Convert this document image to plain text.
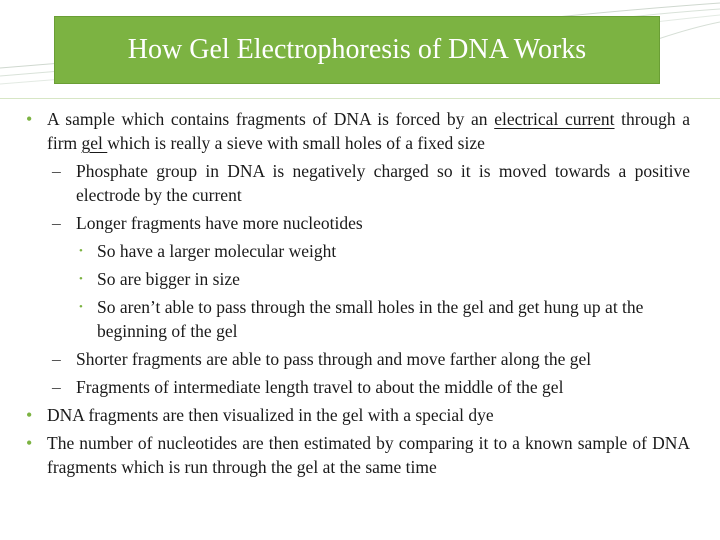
How Gel Electrophoresis of DNA Works
• A sample which contains fragments of DNA is forced by an electrical current through a firm gel which is really a sieve with small holes of a fixed size
– Phosphate group in DNA is negatively charged so it is moved towards a positive electrode by the current
– Longer fragments have more nucleotides
• So have a larger molecular weight
• So are bigger in size
• So aren’t able to pass through the small holes in the gel and get hung up at the beginning of the gel
– Shorter fragments are able to pass through and move farther along the gel
– Fragments of intermediate length travel to about the middle of the gel
• DNA fragments are then visualized in the gel with a special dye
• The number of nucleotides are then estimated by comparing it to a known sample of DNA fragments which is run through the gel at the same time
